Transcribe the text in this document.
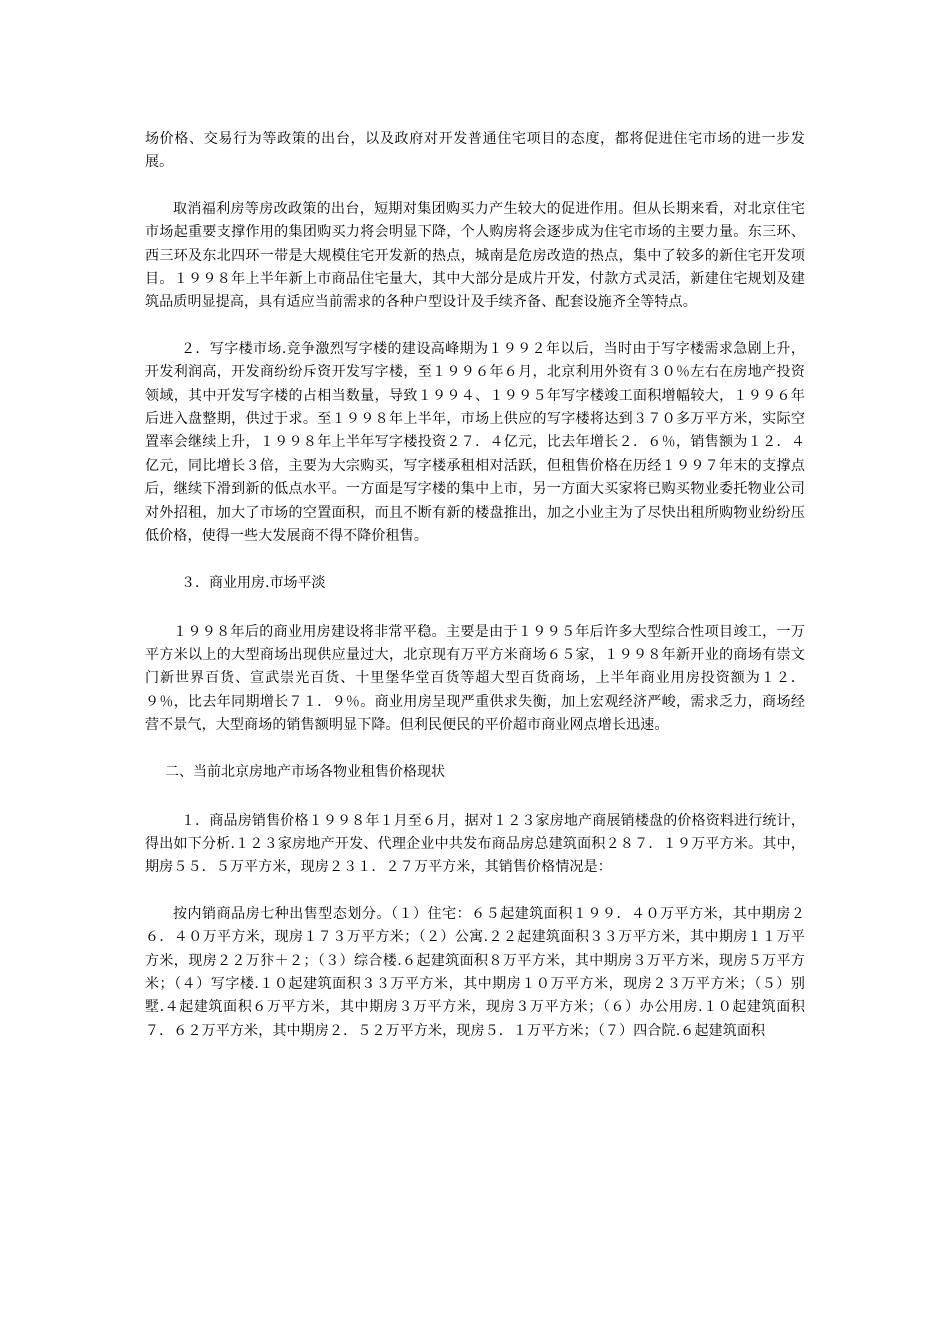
场价格、交易行为等政策的出台，以及政府对开发普通住宅项目的态度，都将促进住宅市场的进一步发展。

取消福利房等房改政策的出台，短期对集团购买力产生较大的促进作用。但从长期来看，对北京住宅市场起重要支撑作用的集团购买力将会明显下降，个人购房将会逐步成为住宅市场的主要力量。东三环、西三环及东北四环一带是大规模住宅开发新的热点，城南是危房改造的热点，集中了较多的新住宅开发项目。１９９８年上半年新上市商品住宅量大，其中大部分是成片开发，付款方式灵活，新建住宅规划及建筑品质明显提高，具有适应当前需求的各种户型设计及手续齐备、配套设施齐全等特点。

２．写字楼市场.竞争激烈写字楼的建设高峰期为１９９２年以后，当时由于写字楼需求急剧上升，开发利润高，开发商纷纷斥资开发写字楼，至１９９６年６月，北京利用外资有３０％左右在房地产投资领域，其中开发写字楼的占相当数量，导致１９９４、１９９５年写字楼竣工面积增幅较大，１９９６年后进入盘整期，供过于求。至１９９８年上半年，市场上供应的写字楼将达到３７０多万平方米，实际空置率会继续上升，１９９８年上半年写字楼投资２７．４亿元，比去年增长２．６％，销售额为１２．４亿元，同比增长３倍，主要为大宗购买，写字楼承租相对活跃，但租售价格在历经１９９７年末的支撑点后，继续下滑到新的低点水平。一方面是写字楼的集中上市，另一方面大买家将已购买物业委托物业公司对外招租，加大了市场的空置面积，而且不断有新的楼盘推出，加之小业主为了尽快出租所购物业纷纷压低价格，使得一些大发展商不得不降价租售。

３．商业用房.市场平淡

１９９８年后的商业用房建设将非常平稳。主要是由于１９９５年后许多大型综合性项目竣工，一万平方米以上的大型商场出现供应量过大，北京现有万平方米商场６５家，１９９８年新开业的商场有崇文门新世界百货、宣武崇光百货、十里堡华堂百货等超大型百货商场，上半年商业用房投资额为１２．９％，比去年同期增长７１．９％。商业用房呈现严重供求失衡，加上宏观经济严峻，需求乏力，商场经营不景气，大型商场的销售额明显下降。但利民便民的平价超市商业网点增长迅速。

二、当前北京房地产市场各物业租售价格现状

１．商品房销售价格１９９８年１月至６月，据对１２３家房地产商展销楼盘的价格资料进行统计，得出如下分析.１２３家房地产开发、代理企业中共发布商品房总建筑面积２８７．１９万平方米。其中，期房５５．５万平方米，现房２３１．２７万平方米，其销售价格情况是：

按内销商品房七种出售型态划分。（１）住宅：６５起建筑面积１９９．４０万平方米，其中期房２６．４０万平方米，现房１７３万平方米；（２）公寓.２２起建筑面积３３万平方米，其中期房１１万平方米，现房２２万犿＋２；（３）综合楼.６起建筑面积８万平方米，其中期房３万平方米，现房５万平方米；（４）写字楼.１０起建筑面积３３万平方米，其中期房１０万平方米，现房２３万平方米；（５）别墅.４起建筑面积６万平方米，其中期房３万平方米，现房３万平方米；（６）办公用房.１０起建筑面积７．６２万平方米，其中期房２．５２万平方米，现房５．１万平方米；（７）四合院.６起建筑面积
